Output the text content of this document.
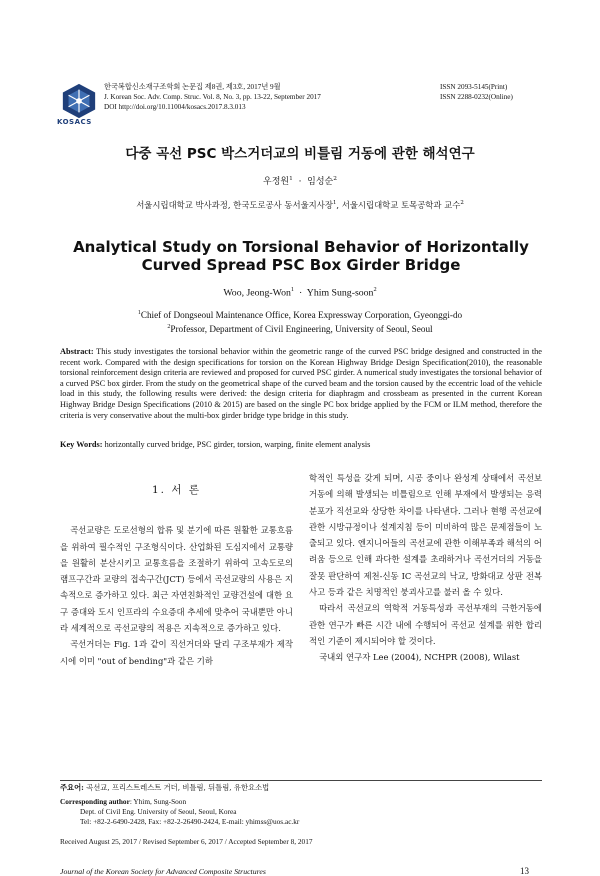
KOSACS
한국복합신소재구조학회 논문집 제8권, 제3호, 2017년 9월
J. Korean Soc. Adv. Comp. Struc. Vol. 8, No. 3, pp. 13-22, September 2017
DOI http://doi.org/10.11004/kosacs.2017.8.3.013
ISSN 2093-5145(Print)
ISSN 2288-0232(Online)
다중 곡선 PSC 박스거더교의 비틀림 거동에 관한 해석연구
우정원$^1$ · 임성순$^2$
서울시립대학교 박사과정, 한국도로공사 동서울지사장$^1$, 서울시립대학교 토목공학과 교수$^2$
Analytical Study on Torsional Behavior of Horizontally Curved Spread PSC Box Girder Bridge
Woo, Jeong-Won$^1$ · Yhim Sung-soon$^2$
$^1$Chief of Dongseoul Maintenance Office, Korea Expressway Corporation, Gyeonggi-do
$^2$Professor, Department of Civil Engineering, University of Seoul, Seoul
Abstract: This study investigates the torsional behavior within the geometric range of the curved PSC bridge designed and constructed in the recent work. Compared with the design specifications for torsion on the Korean Highway Bridge Design Specification(2010), the reasonable torsional reinforcement design criteria are reviewed and proposed for curved PSC girder. A numerical study investigates the torsional behavior of a curved PSC box girder. From the study on the geometrical shape of the curved beam and the torsion caused by the eccentric load of the vehicle load in this study, the following results were derived: the design criteria for diaphragm and crossbeam as presented in the current Korean Highway Bridge Design Specifications (2010 & 2015) are based on the single PC box bridge applied by the FCM or ILM method, therefore the criteria is very conservative about the multi-box girder bridge type bridge in this study.
Key Words: horizontally curved bridge, PSC girder, torsion, warping, finite element analysis
1. 서 론

곡선교량은 도로선형의 합류 및 분기에 따른 원활한 교통흐름을 위하여 필수적인 구조형식이다. 산업화된 도심지에서 교통량을 원활히 분산시키고 교통흐름을 조절하기 위하여 고속도로의 램프구간과 교량의 접속구간(JCT) 등에서 곡선교량의 사용은 지속적으로 증가하고 있다. 최근 자연친화적인 교량건설에 대한 요구 증대와 도시 인프라의 수요증대 추세에 맞추어 국내뿐만 아니라 세계적으로 곡선교량의 적용은 지속적으로 증가하고 있다.

곡선거더는 Fig. 1과 같이 직선거더와 달리 구조부재가 제작시에 이미 "out of bending"과 같은 기하

학적인 특성을 갖게 되며, 시공 중이나 완성계 상태에서 곡선보 거동에 의해 발생되는 비틀림으로 인해 부재에서 발생되는 응력분포가 직선교와 상당한 차이를 나타낸다. 그러나 현행 곡선교에 관한 시방규정이나 설계지침 등이 미비하여 많은 문제점들이 노출되고 있다. 엔지니어들의 곡선교에 관한 이해부족과 해석의 어려움 등으로 인해 과다한 설계를 초래하거나 곡선거더의 거동을 잘못 판단하여 제천-신동 IC 곡선교의 낙교, 방화대교 상판 전복사고 등과 같은 치명적인 붕괴사고를 불러 올 수 있다.

따라서 곡선교의 역학적 거동특성과 곡선부재의 극한거동에 관한 연구가 빠른 시간 내에 수행되어 곡선교 설계를 위한 합리적인 기준이 제시되어야 할 것이다.

국내외 연구자 Lee (2004), NCHPR (2008), Wilast

주요어: 곡선교, 프리스트레스트 거더, 비틀림, 뒤틀림, 유한요소법
Corresponding author: Yhim, Sung-Soon
Dept. of Civil Eng. University of Seoul, Seoul, Korea
Tel: +82-2-6490-2428, Fax: +82-2-26490-2424, E-mail: yhimss@uos.ac.kr
Received August 25, 2017 / Revised September 6, 2017 / Accepted September 8, 2017
Journal of the Korean Society for Advanced Composite Structures	13
